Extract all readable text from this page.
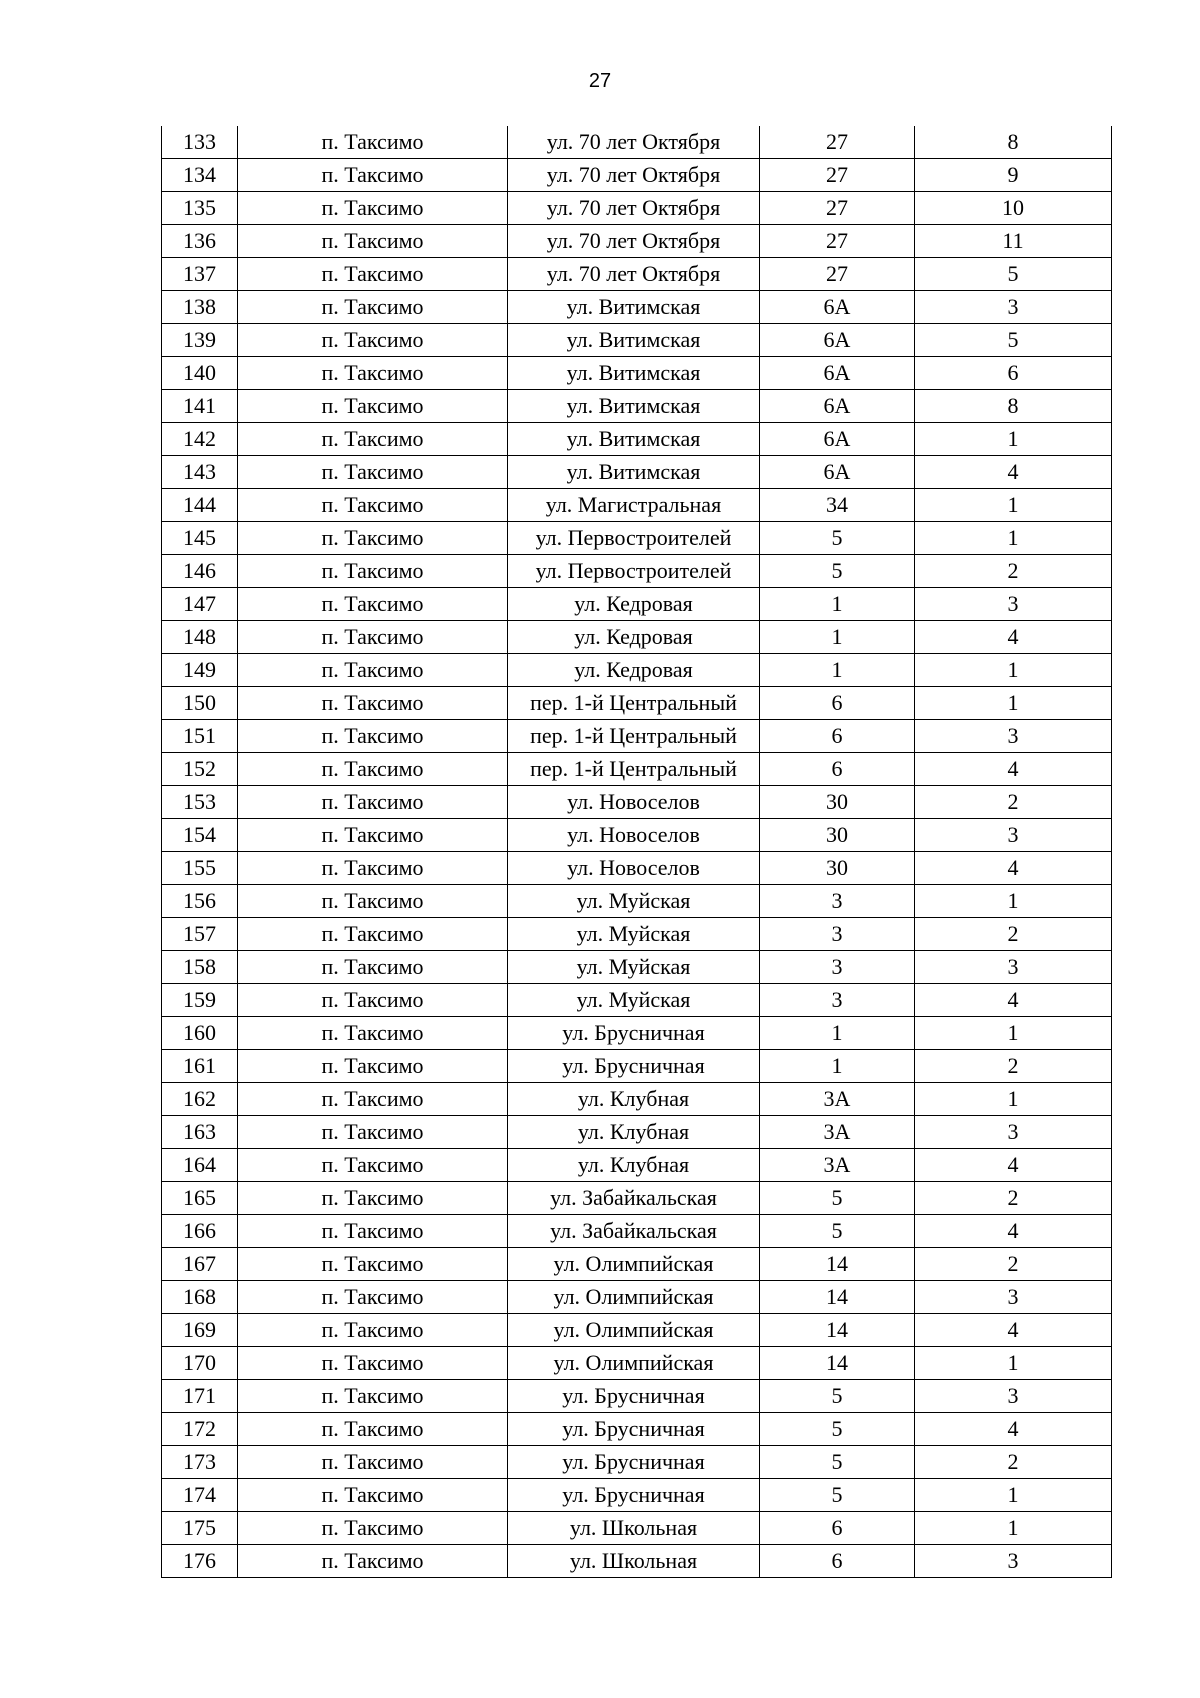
27
133	п. Таксимо	ул. 70 лет Октября	27	8
134	п. Таксимо	ул. 70 лет Октября	27	9
135	п. Таксимо	ул. 70 лет Октября	27	10
136	п. Таксимо	ул. 70 лет Октября	27	11
137	п. Таксимо	ул. 70 лет Октября	27	5
138	п. Таксимо	ул. Витимская	6А	3
139	п. Таксимо	ул. Витимская	6А	5
140	п. Таксимо	ул. Витимская	6А	6
141	п. Таксимо	ул. Витимская	6А	8
142	п. Таксимо	ул. Витимская	6А	1
143	п. Таксимо	ул. Витимская	6А	4
144	п. Таксимо	ул. Магистральная	34	1
145	п. Таксимо	ул. Первостроителей	5	1
146	п. Таксимо	ул. Первостроителей	5	2
147	п. Таксимо	ул. Кедровая	1	3
148	п. Таксимо	ул. Кедровая	1	4
149	п. Таксимо	ул. Кедровая	1	1
150	п. Таксимо	пер. 1-й Центральный	6	1
151	п. Таксимо	пер. 1-й Центральный	6	3
152	п. Таксимо	пер. 1-й Центральный	6	4
153	п. Таксимо	ул. Новоселов	30	2
154	п. Таксимо	ул. Новоселов	30	3
155	п. Таксимо	ул. Новоселов	30	4
156	п. Таксимо	ул. Муйская	3	1
157	п. Таксимо	ул. Муйская	3	2
158	п. Таксимо	ул. Муйская	3	3
159	п. Таксимо	ул. Муйская	3	4
160	п. Таксимо	ул. Брусничная	1	1
161	п. Таксимо	ул. Брусничная	1	2
162	п. Таксимо	ул. Клубная	3А	1
163	п. Таксимо	ул. Клубная	3А	3
164	п. Таксимо	ул. Клубная	3А	4
165	п. Таксимо	ул. Забайкальская	5	2
166	п. Таксимо	ул. Забайкальская	5	4
167	п. Таксимо	ул. Олимпийская	14	2
168	п. Таксимо	ул. Олимпийская	14	3
169	п. Таксимо	ул. Олимпийская	14	4
170	п. Таксимо	ул. Олимпийская	14	1
171	п. Таксимо	ул. Брусничная	5	3
172	п. Таксимо	ул. Брусничная	5	4
173	п. Таксимо	ул. Брусничная	5	2
174	п. Таксимо	ул. Брусничная	5	1
175	п. Таксимо	ул. Школьная	6	1
176	п. Таксимо	ул. Школьная	6	3
